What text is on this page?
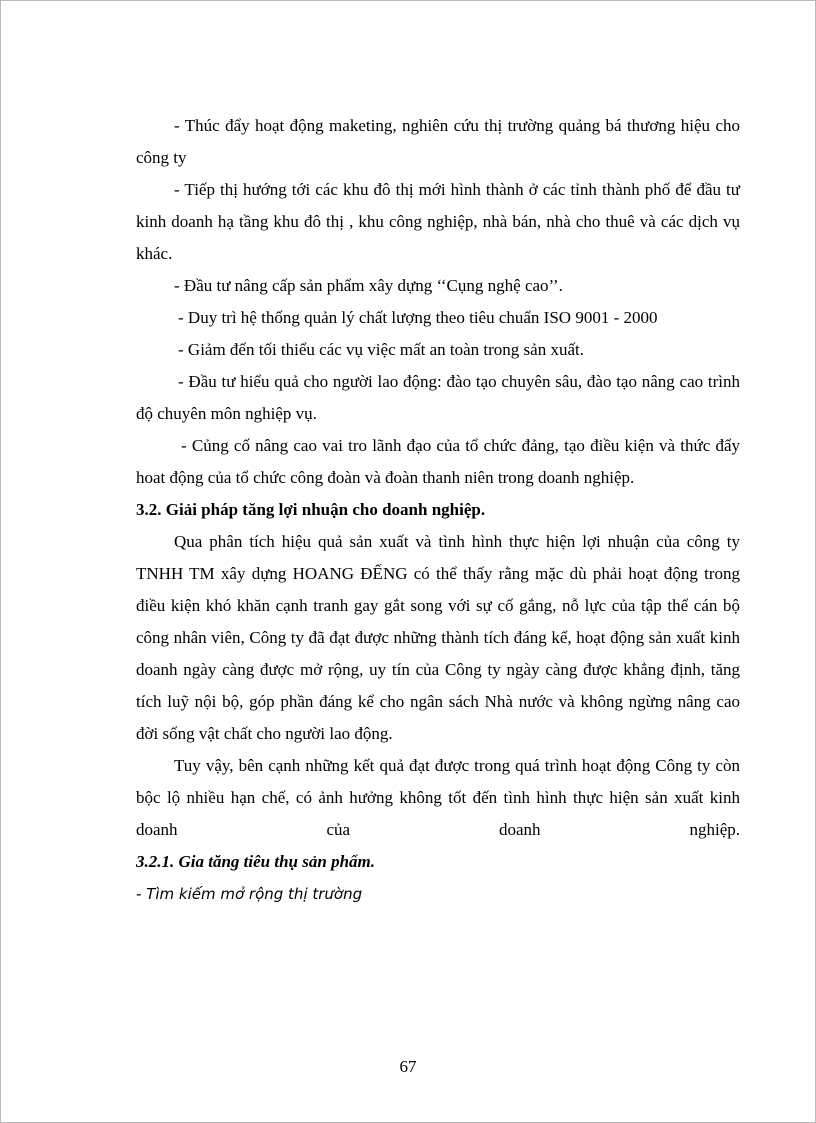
- Thúc đẩy hoạt động maketing, nghiên cứu thị trường quảng bá thương hiệu cho công ty

- Tiếp thị hướng tới các khu đô thị mới hình thành ở các tỉnh thành phố để đầu tư kinh doanh hạ tầng khu đô thị , khu công nghiệp, nhà bán, nhà cho thuê và các dịch vụ khác.

- Đầu tư nâng cấp sản phẩm xây dựng ‘‘Cụng nghệ cao’’.

- Duy trì hệ thống quản lý chất lượng theo tiêu chuẩn ISO 9001 - 2000

- Giảm đến tối thiểu các vụ việc mất an toàn trong sản xuất.

- Đầu tư hiểu quả cho người lao động: đào tạo chuyên sâu, đào tạo nâng cao trình độ chuyên môn nghiệp vụ.

- Củng cố nâng cao vai tro lãnh đạo của tổ chức đảng, tạo điều kiện và thức đẩy hoat động của tổ chức công đoàn và đoàn thanh niên trong doanh nghiệp.

3.2. Giải pháp tăng lợi nhuận cho doanh nghiệp.

Qua phân tích hiệu quả sản xuất và tình hình thực hiện lợi nhuận của công ty TNHH TM xây dựng HOANG ĐẾNG có thể thấy rằng mặc dù phải hoạt động trong điều kiện khó khăn cạnh tranh gay gắt song với sự cố gắng, nỗ lực của tập thể cán bộ công nhân viên, Công ty đã đạt được những thành tích đáng kể, hoạt động sản xuất kinh doanh ngày càng được mở rộng, uy tín của Công ty ngày càng được khẳng định, tăng tích luỹ nội bộ, góp phần đáng kể cho ngân sách Nhà nước và không ngừng nâng cao đời sống vật chất cho người lao động.

Tuy vậy, bên cạnh những kết quả đạt được trong quá trình hoạt động Công ty còn bộc lộ nhiều hạn chế, có ảnh hưởng không tốt đến tình hình thực hiện sản xuất kinh doanh của doanh nghiệp.

3.2.1. Gia tăng tiêu thụ sản phẩm.

- Tìm kiếm mở rộng thị trường

67
